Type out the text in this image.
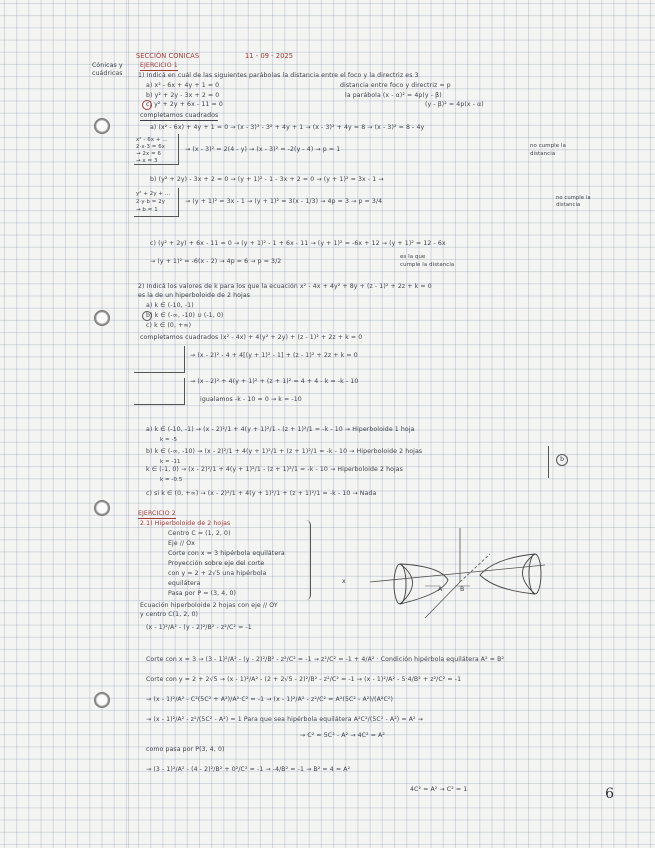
SECCIÓN CONICAS	11 - 09 - 2025
Cónicas y
cuádricas
EJERCICIO 1
1) Indicá en cuál de las siguientes parábolas la distancia entre el foco y la directriz es 3
distancia entre foco y directriz = p
la parábola (x - α)² = 4p(y - β)
(y - β)² = 4p(x - α)
a) x² - 6x + 4y + 1 = 0
b) y² + 2y - 3x + 2 = 0
c) y² + 2y + 6x - 11 = 0
completamos cuadrados
a) (x² - 6x) + 4y + 1 = 0 → (x - 3)² - 3² + 4y + 1 → (x - 3)² + 4y = 8 → (x - 3)² = 8 - 4y
x² - 6x + ...
2·x·3 = 6x
→ 2x = 6
→ x = 3
→ (x - 3)² = 2(4 - y) → (x - 3)² = -2(y - 4) → p = 1	no cumple la
distancia
b) (y² + 2y) - 3x + 2 = 0 → (y + 1)² - 1 - 3x + 2 = 0 → (y + 1)² = 3x - 1 →
y² + 2y + ...
2·y·b = 2y
→ b = 1
→ (y + 1)² = 3x - 1 → (y + 1)² = 3(x - 1/3) → 4p = 3 → p = 3/4	no cumple la
distancia
c) (y² + 2y) + 6x - 11 = 0 → (y + 1)² - 1 + 6x - 11 → (y + 1)² = -6x + 12 → (y + 1)² = 12 - 6x
→ (y + 1)² = -6(x - 2) → 4p = 6 → p = 3/2
es la que
cumple la distancia
2) Indicá los valores de k para los que la ecuación x² - 4x + 4y² + 8y + (z - 1)² + 2z + k = 0
es la de un hiperboloide de 2 hojas
a) k ∈ (-10, -1)
b) k ∈ (-∞, -10) ∪ (-1, 0)
c) k ∈ (0, +∞)
completamos cuadrados (x² - 4x) + 4(y² + 2y) + (z - 1)² + 2z + k = 0
→ (x - 2)² - 4 + 4[(y + 1)² - 1] + (z - 1)² + 2z + k = 0
→ (x - 2)² + 4(y + 1)² + (z + 1)² = 4 + 4 - k = -k - 10
igualamos -k - 10 = 0 → k = -10
a) k ∈ (-10, -1) → (x - 2)²/1 + 4(y + 1)²/1 - (z + 1)²/1 = -k - 10 → Hiperboloide 1 hoja
k = -5
b) k ∈ (-∞, -10) → (x - 2)²/1 + 4(y + 1)²/1 + (z + 1)²/1 = -k - 10 → Hiperboloide 2 hojas
k = -11
k ∈ (-1, 0) → (x - 2)²/1 + 4(y + 1)²/1 - (z + 1)²/1 = -k - 10 → Hiperboloide 2 hojas
k = -0.5
c) si k ∈ (0, +∞) → (x - 2)²/1 + 4(y + 1)²/1 + (z + 1)²/1 = -k - 10 → Nada
b
EJERCICIO 2
2.1) Hiperboloide de 2 hojas
Centro C = (1, 2, 0)
Eje // Ox
Corte con x = 3 hipérbola equilátera
Proyección sobre eje del corte
con y = 2 + 2√5 una hipérbola
equilátera
Pasa por P = (3, 4, 0)
Ecuación hiperboloide 2 hojas con eje // OY
y centro C(1, 2, 0)
(x - 1)²/A² - (y - 2)²/B² - z²/C² = -1
Corte con x = 3 → (3 - 1)²/A² - (y - 2)²/B² - z²/C² = -1 → z²/C² = -1 + 4/A² · Condición hipérbola equilátera A² = B²
Corte con y = 2 + 2√5 → (x - 1)²/A² - (2 + 2√5 - 2)²/B² - z²/C² = -1 → (x - 1)²/A² - 5·4/B² + z²/C² = -1
→ (x - 1)²/A² - C²(5C² + A²)/A²·C² = -1 → (x - 1)²/A² - z²/C² = A²(5C² - A²)/(A²C²)
→ (x - 1)²/A² - z²/(5C² - A²) = 1 Para que sea hipérbola equilátera A²C²/(5C² - A²) = A² →
→ C² = 5C² - A² → 4C² = A²
como pasa por P(3, 4, 0)
→ (3 - 1)²/A² - (4 - 2)²/B² + 0²/C² = -1 → -4/B² = -1 → B² = 4 = A²
4C² = A² → C² = 1
x
A	B
6
